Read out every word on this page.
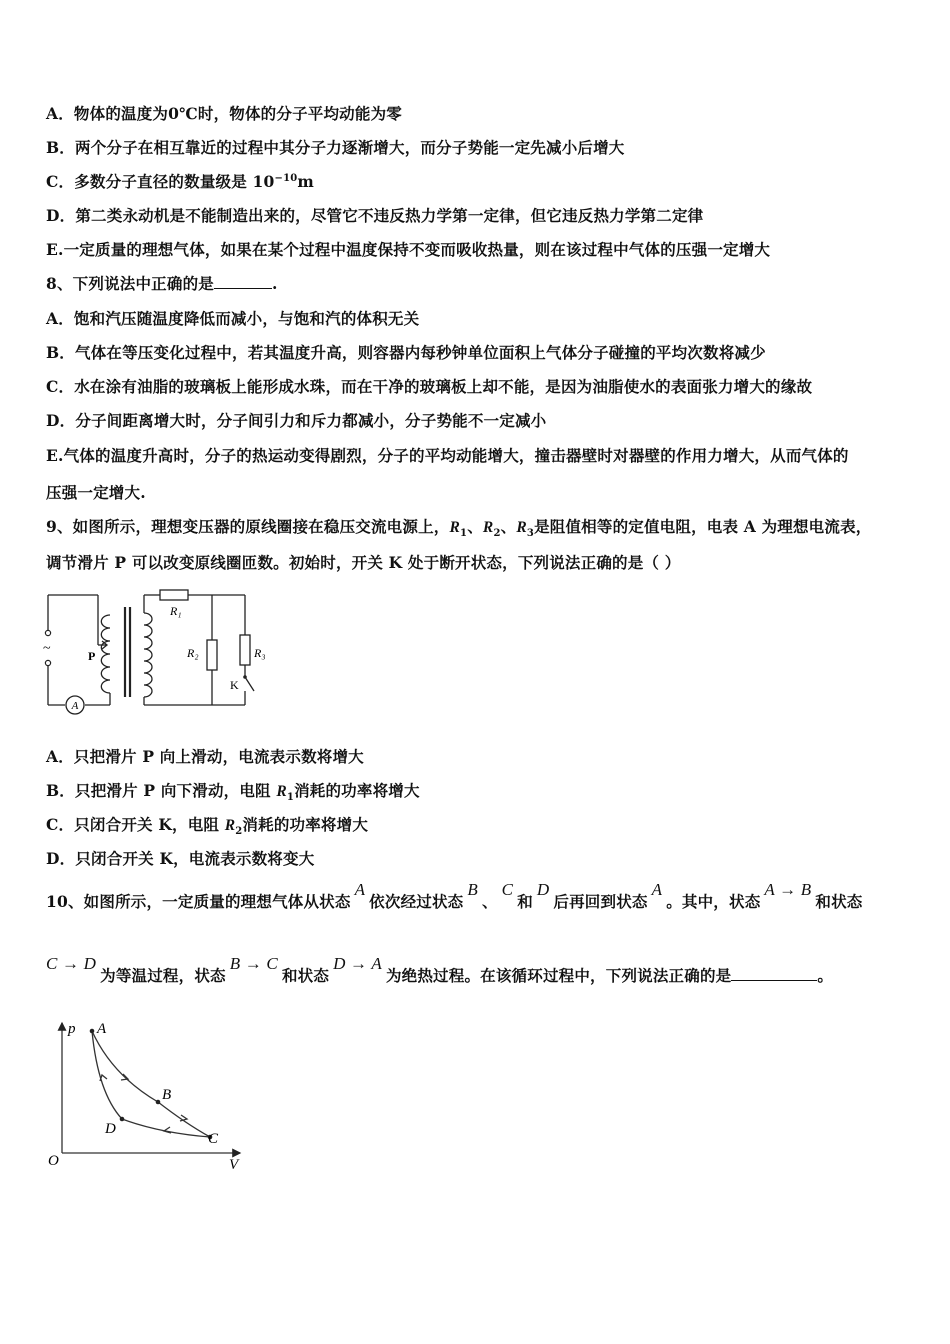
A．物体的温度为0℃时，物体的分子平均动能为零
B．两个分子在相互靠近的过程中其分子力逐渐增大，而分子势能一定先减小后增大
C．多数分子直径的数量级是 $10^{-10}m$
D．第二类永动机是不能制造出来的，尽管它不违反热力学第一定律，但它违反热力学第二定律
E.一定质量的理想气体，如果在某个过程中温度保持不变而吸收热量，则在该过程中气体的压强一定增大
8、下列说法中正确的是	.
A．饱和汽压随温度降低而减小，与饱和汽的体积无关
B．气体在等压变化过程中，若其温度升高，则容器内每秒钟单位面积上气体分子碰撞的平均次数将减少
C．水在涂有油脂的玻璃板上能形成水珠，而在干净的玻璃板上却不能，是因为油脂使水的表面张力增大的缘故
D．分子间距离增大时，分子间引力和斥力都减小，分子势能不一定减小
E.气体的温度升高时，分子的热运动变得剧烈，分子的平均动能增大，撞击器壁时对器壁的作用力增大，从而气体的
压强一定增大.
9、如图所示，理想变压器的原线圈接在稳压交流电源上，$R_1$、$R_2$、$R_3$是阻值相等的定值电阻，电表 A 为理想电流表，
调节滑片 P 可以改变原线圈匝数。初始时，开关 K 处于断开状态，下列说法正确的是（ ）
A
~	P
R₁
R₂	R₃
K
A．只把滑片 P 向上滑动，电流表示数将增大
B．只把滑片 P 向下滑动，电阻 $R_1$消耗的功率将增大
C．只闭合开关 K，电阻 $R_2$消耗的功率将增大
D．只闭合开关 K，电流表示数将变大
10、如图所示，一定质量的理想气体从状态A依次经过状态B、C和D后再回到状态A。其中，状态A → B和状态
C → D为等温过程，状态B → C和状态D → A为绝热过程。在该循环过程中，下列说法正确的是	。
p
V
O
A
B
C
D
